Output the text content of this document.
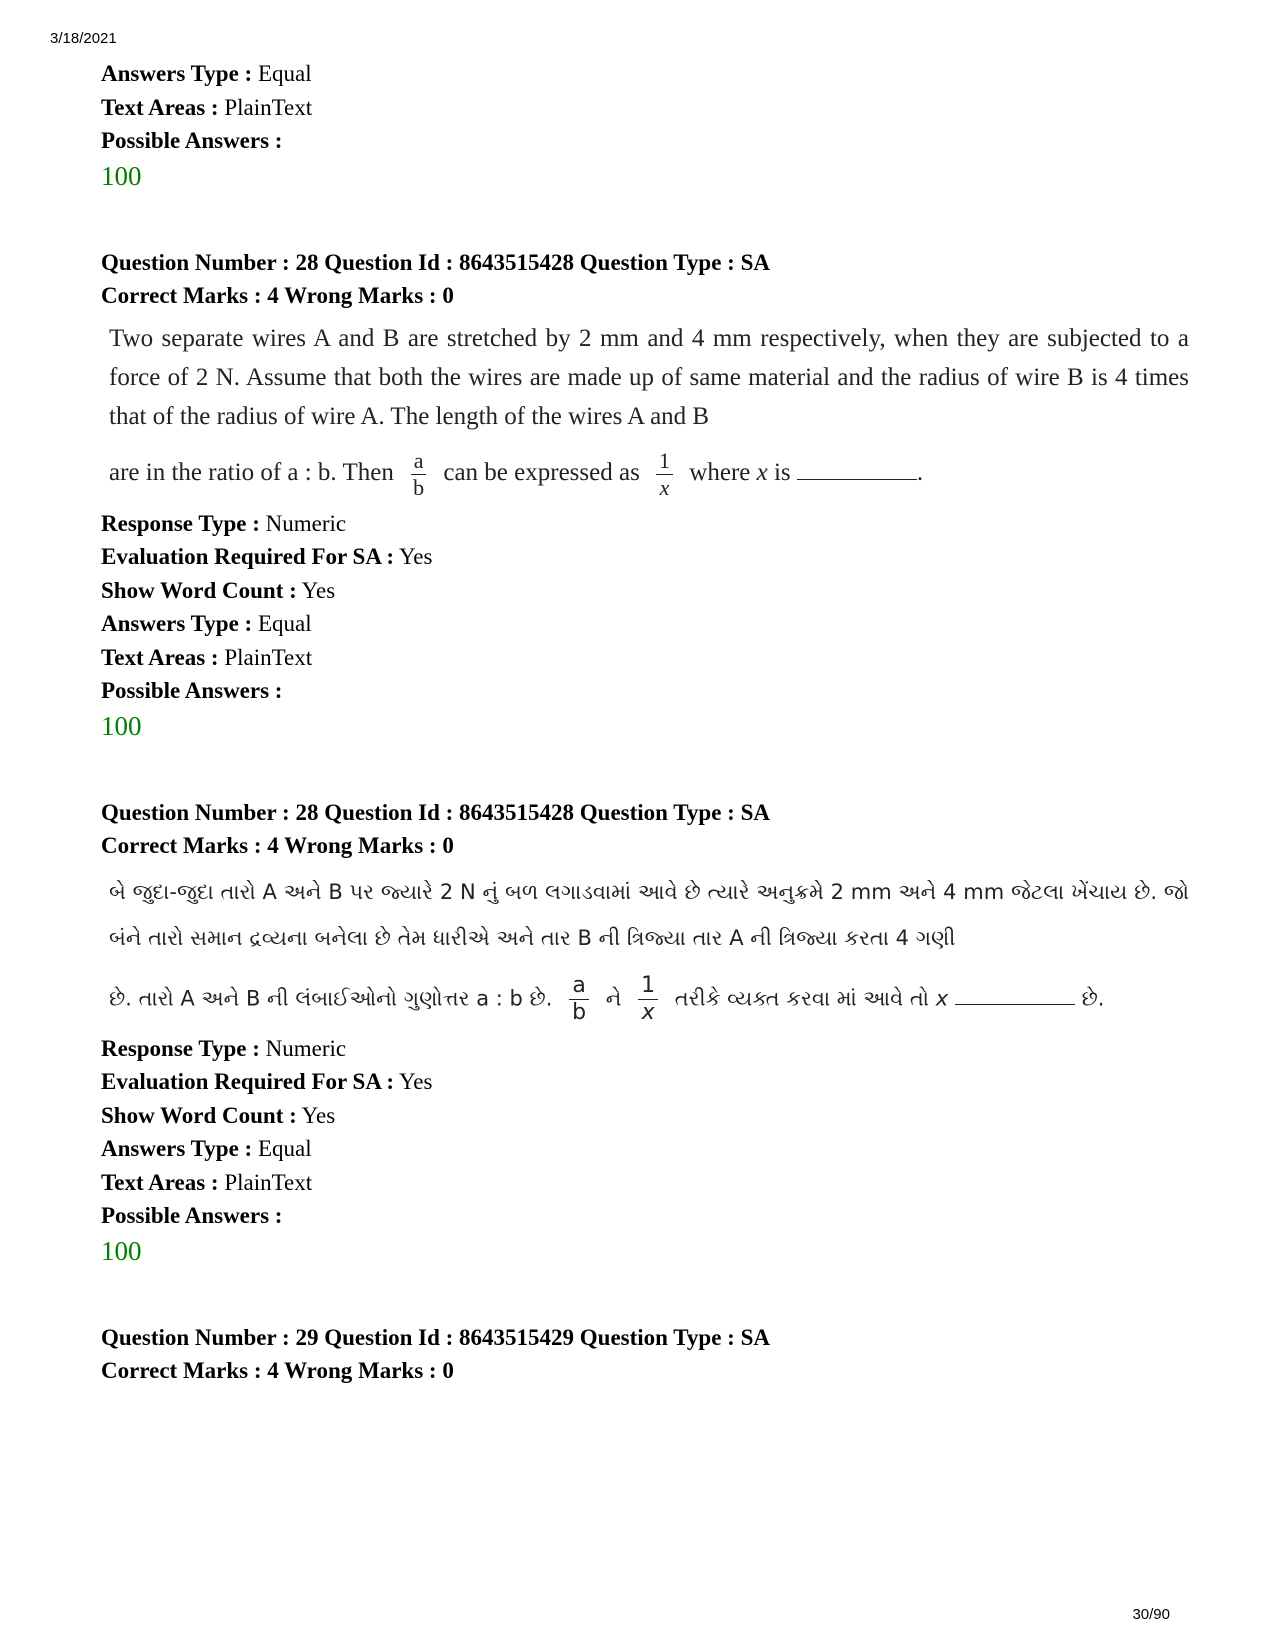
3/18/2021
Answers Type : Equal
Text Areas : PlainText
Possible Answers :
100
Question Number : 28 Question Id : 8643515428 Question Type : SA
Correct Marks : 4 Wrong Marks : 0
Two separate wires A and B are stretched by 2 mm and 4 mm respectively, when they are subjected to a force of 2 N. Assume that both the wires are made up of same material and the radius of wire B is 4 times that of the radius of wire A. The length of the wires A and B
are in the ratio of a : b. Then $\frac{a}{b}$ can be expressed as $\frac{1}{x}$ where x is	.
Response Type : Numeric
Evaluation Required For SA : Yes
Show Word Count : Yes
Answers Type : Equal
Text Areas : PlainText
Possible Answers :
100
Question Number : 28 Question Id : 8643515428 Question Type : SA
Correct Marks : 4 Wrong Marks : 0
બે જુદા-જુદા તારો A અને B પર જ્યારે 2 N નું બળ લગાડવામાં આવે છે ત્યારે અનુક્રમે 2 mm અને 4 mm જેટલા ખેંચાય છે. જો બંને તારો સમાન દ્રવ્યના બનેલા છે તેમ ધારીએ અને તાર B ની ત્રિજ્યા તાર A ની ત્રિજ્યા કરતા 4 ગણી
છે. તારો A અને B ની લંબાઈઓનો ગુણોત્તર a : b છે. $\frac{a}{b}$ ને $\frac{1}{x}$ તરીકે વ્યક્ત કરવા માં આવે તો x	છે.
Response Type : Numeric
Evaluation Required For SA : Yes
Show Word Count : Yes
Answers Type : Equal
Text Areas : PlainText
Possible Answers :
100
Question Number : 29 Question Id : 8643515429 Question Type : SA
Correct Marks : 4 Wrong Marks : 0
30/90
